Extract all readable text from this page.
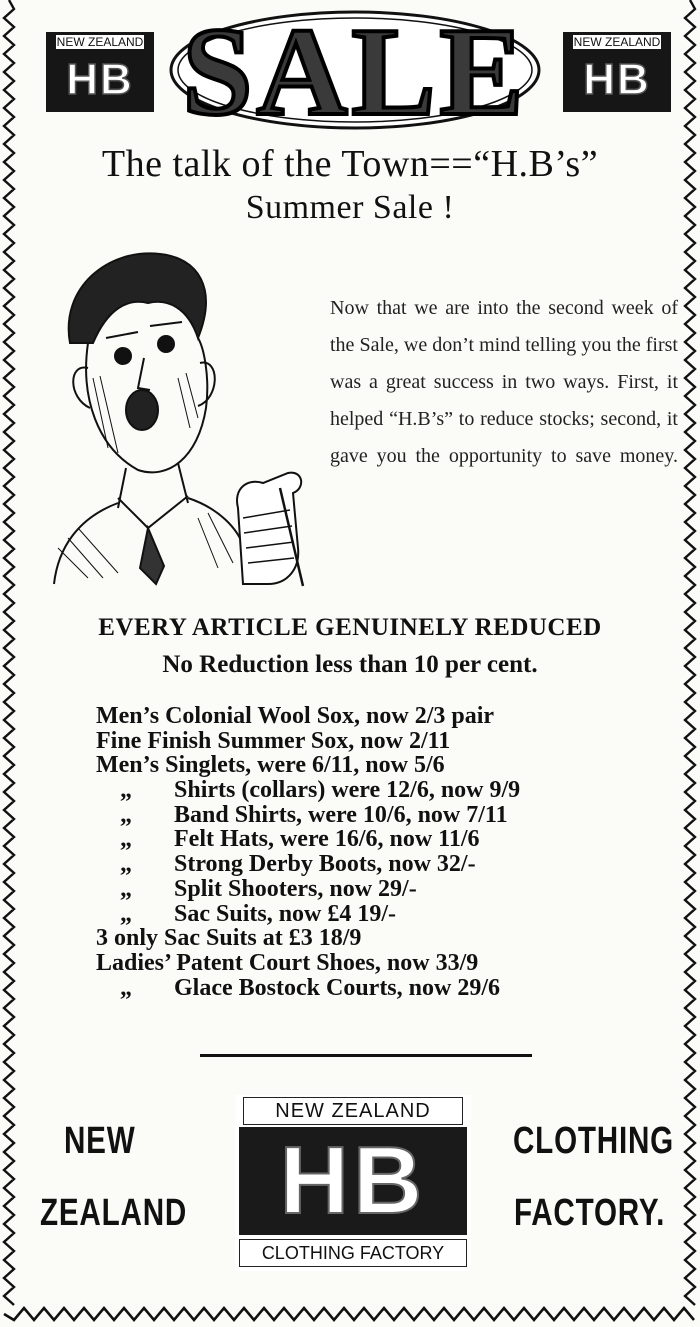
NEW ZEALAND
HB
NEW ZEALAND
HB
SALE
The talk of the Town==“H.B’s”
Summer Sale !

Now that we are into the second week of the Sale, we don’t mind telling you the first was a great success in two ways. First, it helped “H.B’s” to reduce stocks; second, it gave you the opportunity to save money.

EVERY ARTICLE GENUINELY REDUCED
No Reduction less than 10 per cent.
Men’s Colonial Wool Sox, now 2/3 pair
Fine Finish Summer Sox, now 2/11
Men’s Singlets, were 6/11, now 5/6
„	Shirts (collars) were 12/6, now 9/9
„	Band Shirts, were 10/6, now 7/11
„	Felt Hats, were 16/6, now 11/6
„	Strong Derby Boots, now 32/-
„	Split Shooters, now 29/-
„	Sac Suits, now £4 19/-
3 only Sac Suits at £3 18/9
Ladies’ Patent Court Shoes, now 33/9
„	Glace Bostock Courts, now 29/6
NEW
ZEALAND
CLOTHING
FACTORY.
NEW ZEALAND
HB
CLOTHING FACTORY
